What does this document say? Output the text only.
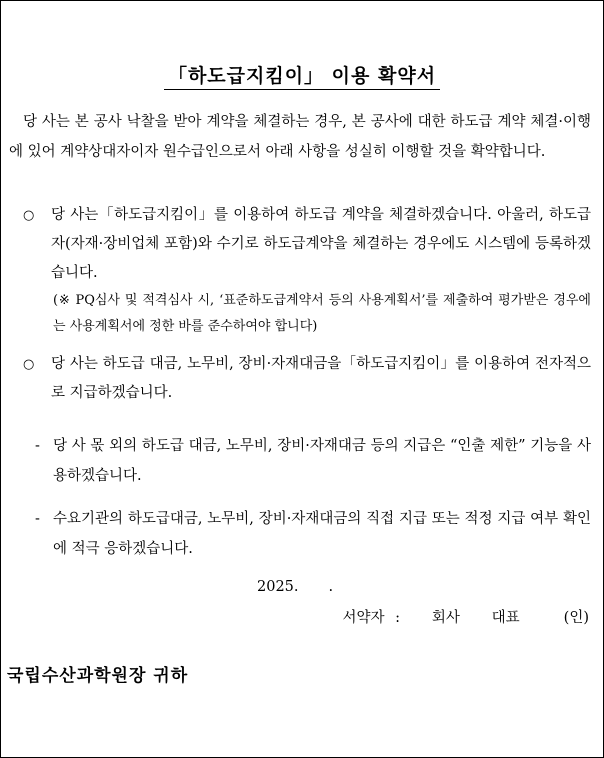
「하도급지킴이」 이용 확약서
당 사는 본 공사 낙찰을 받아 계약을 체결하는 경우, 본 공사에 대한 하도급 계약 체결·이행에 있어 계약상대자이자 원수급인으로서 아래 사항을 성실히 이행할 것을 확약합니다.
○	당 사는「하도급지킴이」를 이용하여 하도급 계약을 체결하겠습니다. 아울러, 하도급자(자재·장비업체 포함)와 수기로 하도급계약을 체결하는 경우에도 시스템에 등록하겠습니다.
(※ PQ심사 및 적격심사 시, ‘표준하도급계약서 등의 사용계획서’를 제출하여 평가받은 경우에는 사용계획서에 정한 바를 준수하여야 합니다)
○	당 사는 하도급 대금, 노무비, 장비·자재대금을「하도급지킴이」를 이용하여 전자적으로 지급하겠습니다.
- 당 사 몫 외의 하도급 대금, 노무비, 장비·자재대금 등의 지급은 “인출 제한” 기능을 사용하겠습니다.
- 수요기관의 하도급대금, 노무비, 장비·자재대금의 직접 지급 또는 적정 지급 여부 확인에 적극 응하겠습니다.
2025. .
서약자 : 회사 대표	(인)
국립수산과학원장 귀하
